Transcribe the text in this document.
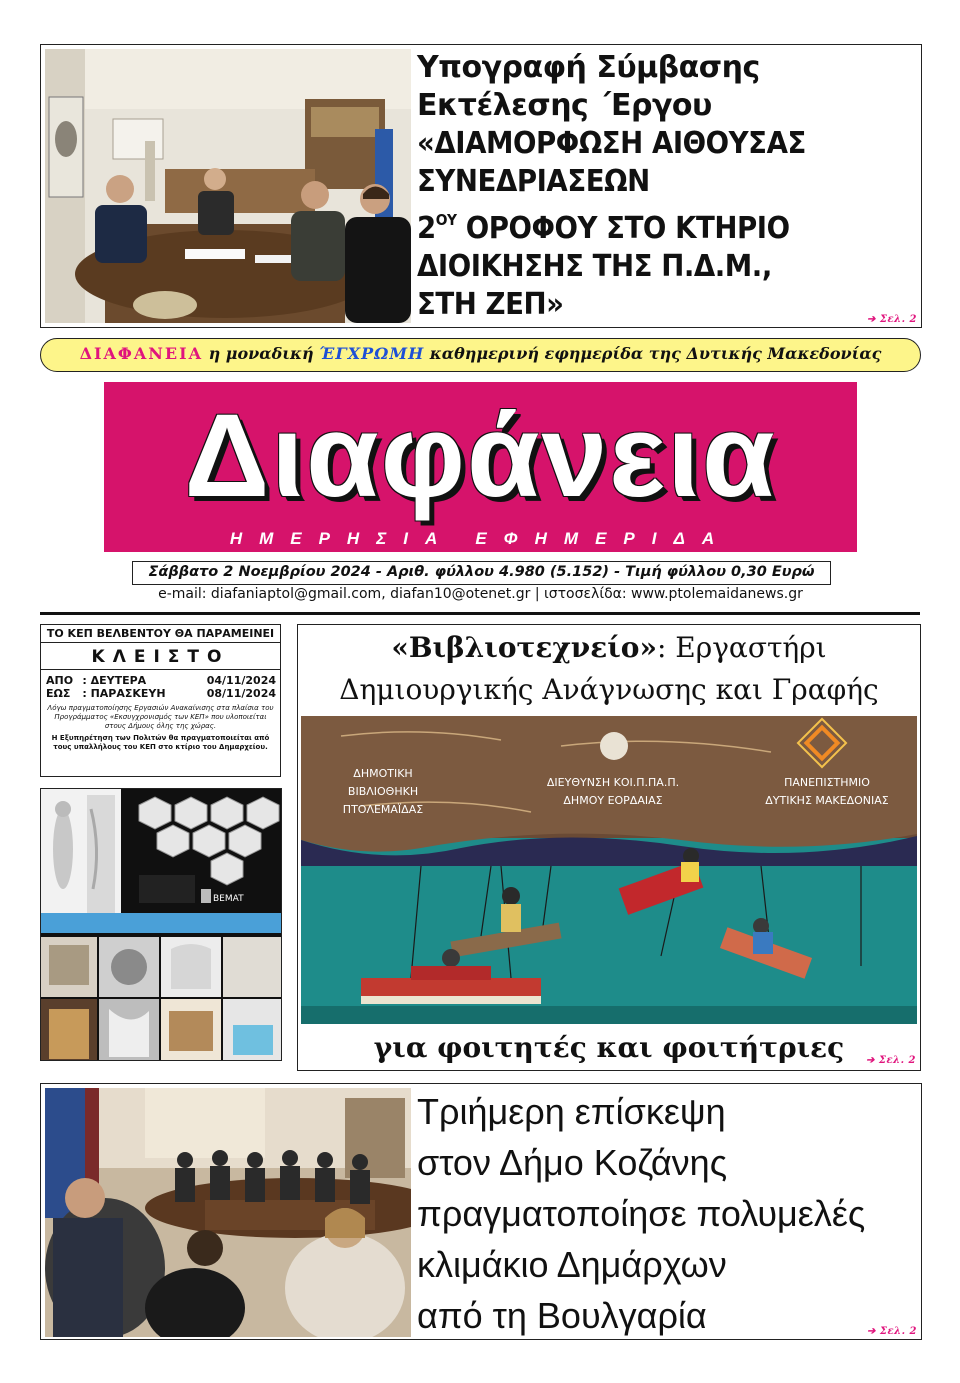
Υπογραφή Σύμβασης
Εκτέλεσης ΄Εργου
«ΔΙΑΜΟΡΦΩΣΗ ΑΙΘΟΥΣΑΣ
ΣΥΝΕΔΡΙΑΣΕΩΝ
$2^{O\Upsilon}$ ΟΡΟΦΟΥ ΣΤΟ ΚΤΗΡΙΟ
ΔΙΟΙΚΗΣΗΣ ΤΗΣ Π.Δ.Μ.,
ΣΤΗ ΖΕΠ»	➔ Σελ. 2
ΔΙΑΦΑΝΕΙΑ η μοναδική ΈΓΧΡΩΜΗ καθημερινή εφημερίδα της Δυτικής Μακεδονίας
Διαφάνεια
ΗΜΕΡΗΣΙΑ ΕΦΗΜΕΡΙΔΑ
Σάββατο 2 Νοεμβρίου 2024 - Αριθ. φύλλου 4.980 (5.152) - Τιμή φύλλου 0,30 Ευρώ
e-mail: diafaniaptol@gmail.com, diafan10@otenet.gr | ιστοσελίδα: www.ptolemaidanews.gr
ΤΟ ΚΕΠ ΒΕΛΒΕΝΤΟΥ ΘΑ ΠΑΡΑΜΕΙΝΕΙ
ΚΛΕΙΣΤΟ
ΑΠΟ	: ΔΕΥΤΕΡΑ	04/11/2024
ΕΩΣ	: ΠΑΡΑΣΚΕΥΗ	08/11/2024
Λόγω πραγματοποίησης Εργασιών Ανακαίνισης στα πλαίσια του Προγράμματος «Εκσυγχρονισμός των ΚΕΠ» που υλοποιείται στους Δήμους όλης της χώρας.
Η Εξυπηρέτηση των Πολιτών θα πραγματοποιείται από τους υπαλλήλους του ΚΕΠ στο κτίριο του Δημαρχείου.
BEMAT
«Βιβλιοτεχνείο»: Εργαστήρι
Δημιουργικής Ανάγνωσης και Γραφής
ΔΗΜΟΤΙΚΗ
ΒΙΒΛΙΟΘΗΚΗ
ΠΤΟΛΕΜΑΪΔΑΣ
ΔΙΕΥΘΥΝΣΗ ΚΟΙ.Π.ΠΑ.Π.
ΔΗΜΟΥ ΕΟΡΔΑΙΑΣ
ΠΑΝΕΠΙΣΤΗΜΙΟ
ΔΥΤΙΚΗΣ ΜΑΚΕΔΟΝΙΑΣ
για φοιτητές και φοιτήτριες	➔ Σελ. 2
Τριήμερη επίσκεψη
στον Δήμο Κοζάνης
πραγματοποίησε πολυμελές
κλιμάκιο Δημάρχων
από τη Βουλγαρία	➔ Σελ. 2
